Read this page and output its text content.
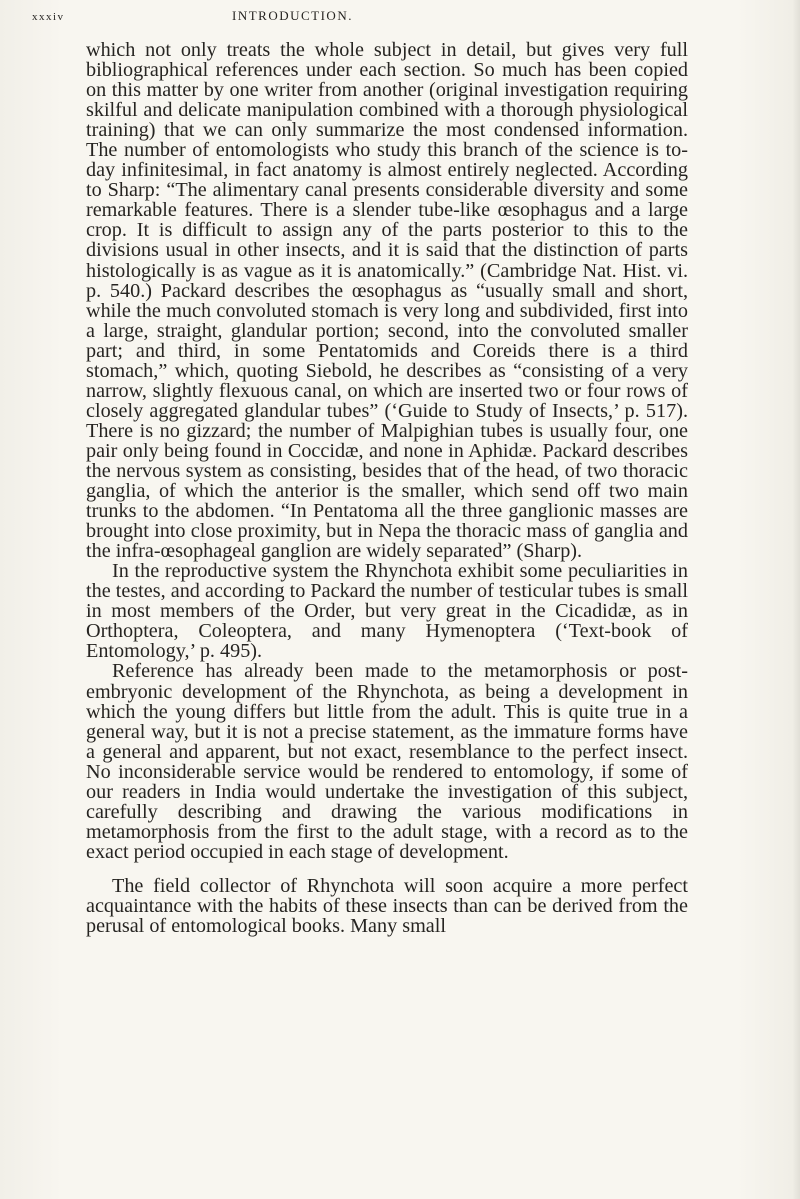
xxxiv	INTRODUCTION.

which not only treats the whole subject in detail, but gives very full bibliographical references under each section. So much has been copied on this matter by one writer from another (original investigation requiring skilful and delicate manipulation combined with a thorough physiological training) that we can only summarize the most condensed information. The number of entomologists who study this branch of the science is to-day infinitesimal, in fact anatomy is almost entirely neglected. According to Sharp: “The alimentary canal presents considerable diversity and some remarkable features. There is a slender tube-like œsophagus and a large crop. It is difficult to assign any of the parts posterior to this to the divisions usual in other insects, and it is said that the distinction of parts histologically is as vague as it is anatomically.” (Cambridge Nat. Hist. vi. p. 540.) Packard describes the œsophagus as “usually small and short, while the much convoluted stomach is very long and subdivided, first into a large, straight, glandular portion; second, into the convoluted smaller part; and third, in some Pentatomids and Coreids there is a third stomach,” which, quoting Siebold, he describes as “consisting of a very narrow, slightly flexuous canal, on which are inserted two or four rows of closely aggregated glandular tubes” (‘Guide to Study of Insects,’ p. 517). There is no gizzard; the number of Malpighian tubes is usually four, one pair only being found in Coccidæ, and none in Aphidæ. Packard describes the nervous system as consisting, besides that of the head, of two thoracic ganglia, of which the anterior is the smaller, which send off two main trunks to the abdomen. “In Pentatoma all the three ganglionic masses are brought into close proximity, but in Nepa the thoracic mass of ganglia and the infra-œsophageal ganglion are widely separated” (Sharp).

In the reproductive system the Rhynchota exhibit some peculiarities in the testes, and according to Packard the number of testicular tubes is small in most members of the Order, but very great in the Cicadidæ, as in Orthoptera, Coleoptera, and many Hymenoptera (‘Text-book of Entomology,’ p. 495).

Reference has already been made to the metamorphosis or post-embryonic development of the Rhynchota, as being a development in which the young differs but little from the adult. This is quite true in a general way, but it is not a precise statement, as the immature forms have a general and apparent, but not exact, resemblance to the perfect insect. No inconsiderable service would be rendered to entomology, if some of our readers in India would undertake the investigation of this subject, carefully describing and drawing the various modifications in metamorphosis from the first to the adult stage, with a record as to the exact period occupied in each stage of development.

The field collector of Rhynchota will soon acquire a more perfect acquaintance with the habits of these insects than can be derived from the perusal of entomological books. Many small
